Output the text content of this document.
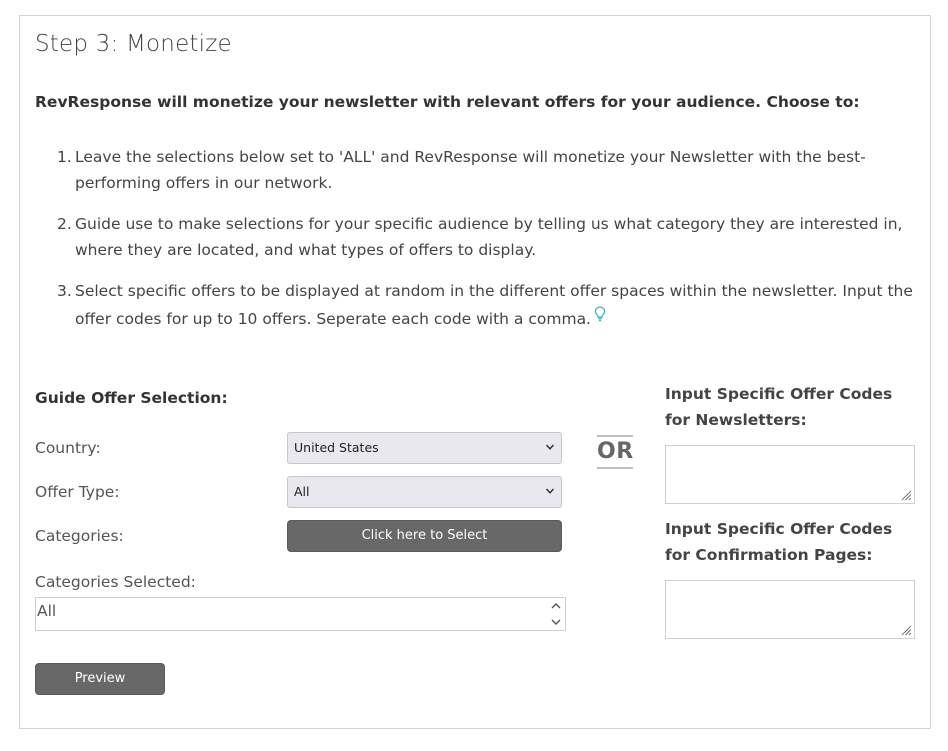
Step 3: Monetize
RevResponse will monetize your newsletter with relevant offers for your audience. Choose to:
1. Leave the selections below set to 'ALL' and RevResponse will monetize your Newsletter with the best-performing offers in our network.
2. Guide use to make selections for your specific audience by telling us what category they are interested in, where they are located, and what types of offers to display.
3. Select specific offers to be displayed at random in the different offer spaces within the newsletter. Input the offer codes for up to 10 offers. Seperate each code with a comma.
Guide Offer Selection:
Country:	United States
Offer Type:	All
Categories:	Click here to Select
Categories Selected:
All
Preview
OR
Input Specific Offer Codes for Newsletters:
Input Specific Offer Codes for Confirmation Pages:
